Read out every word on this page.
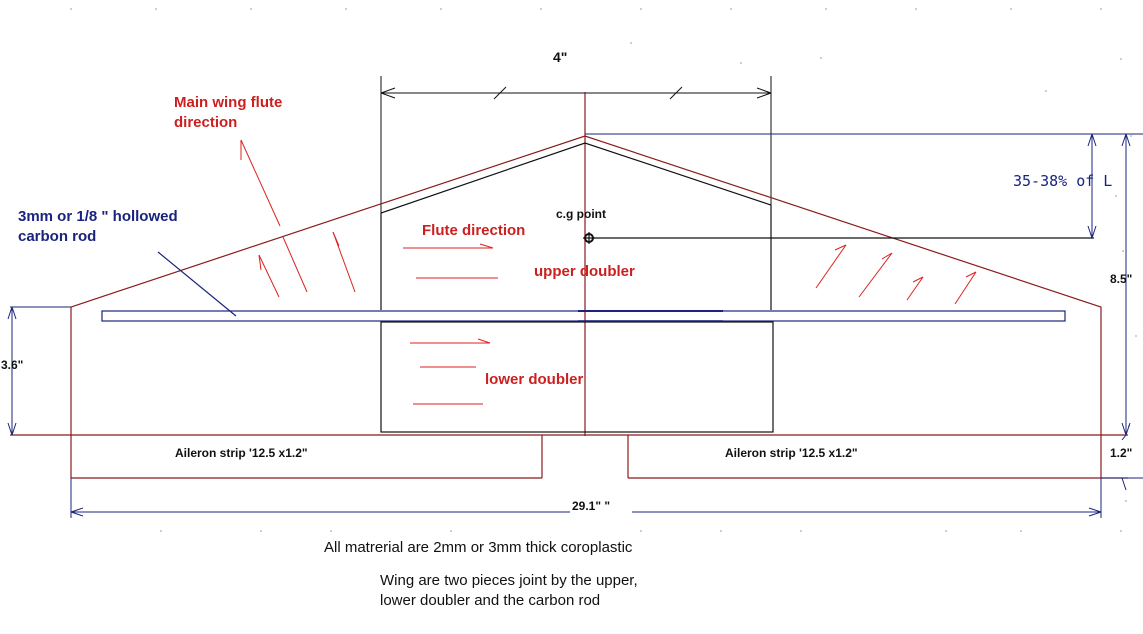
4"
Main wing flute
direction
3mm or 1/8 " hollowed
carbon rod
c.g point
Flute direction
upper doubler
lower doubler
35-38% of L
8.5"
3.6"
Aileron strip '12.5 x1.2"	Aileron strip '12.5 x1.2"	1.2"
29.1" "
All matrerial are 2mm or 3mm thick coroplastic
Wing are two pieces joint by the upper,
lower doubler and the carbon rod
